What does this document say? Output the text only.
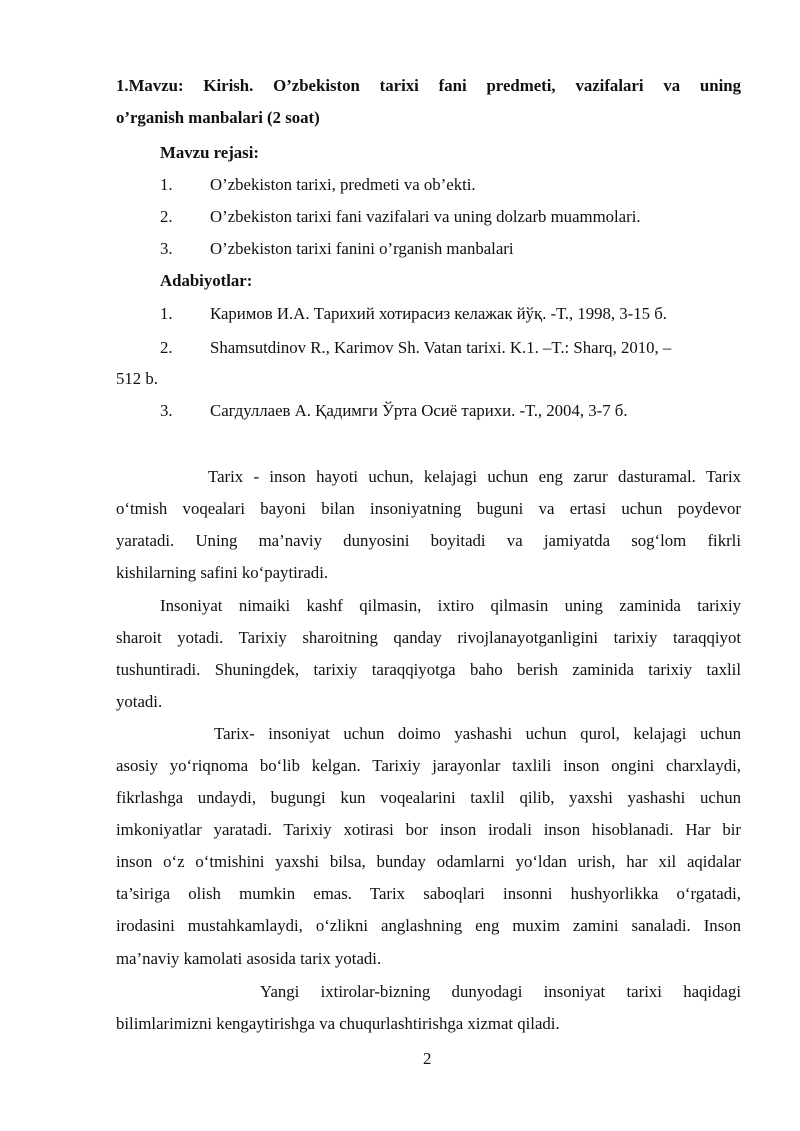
1.Mavzu: Kirish. O’zbekiston tarixi fani predmeti, vazifalari va uning
o’rganish manbalari (2 soat)
Mavzu rejasi:
1. O’zbekiston tarixi, predmeti va ob’ekti.
2. O’zbekiston tarixi fani vazifalari va uning dolzarb muammolari.
3. O’zbekiston tarixi fanini o’rganish manbalari
Adabiyotlar:
1. Каримов И.А. Тарихий хотирасиз келажак йўқ. -Т., 1998, 3-15 б.
2. Shamsutdinov R., Karimov Sh. Vatan tarixi. K.1. –T.: Sharq, 2010, –
512 b.
3. Сагдуллаев А. Қадимги Ўрта Осиё тарихи. -Т., 2004, 3-7 б.
Tarix - inson hayoti uchun, kelajagi uchun eng zarur dasturamal. Tarix
o‘tmish voqealari bayoni bilan insoniyatning buguni va ertasi uchun poydevor
yaratadi. Uning ma’naviy dunyosini boyitadi va jamiyatda sog‘lom fikrli
kishilarning safini ko‘paytiradi.
Insoniyat nimaiki kashf qilmasin, ixtiro qilmasin uning zaminida tarixiy
sharoit yotadi. Tarixiy sharoitning qanday rivojlanayotganligini tarixiy taraqqiyot
tushuntiradi. Shuningdek, tarixiy taraqqiyotga baho berish zaminida tarixiy taxlil
yotadi.
Tarix- insoniyat uchun doimo yashashi uchun qurol, kelajagi uchun
asosiy yo‘riqnoma bo‘lib kelgan. Tarixiy jarayonlar taxlili inson ongini charxlaydi,
fikrlashga undaydi, bugungi kun voqealarini taxlil qilib, yaxshi yashashi uchun
imkoniyatlar yaratadi. Tarixiy xotirasi bor inson irodali inson hisoblanadi. Har bir
inson o‘z o‘tmishini yaxshi bilsa, bunday odamlarni yo‘ldan urish, har xil aqidalar
ta’siriga olish mumkin emas. Tarix saboqlari insonni hushyorlikka o‘rgatadi,
irodasini mustahkamlaydi, o‘zlikni anglashning eng muxim zamini sanaladi. Inson
ma’naviy kamolati asosida tarix yotadi.
Yangi ixtirolar-bizning dunyodagi insoniyat tarixi haqidagi
bilimlarimizni kengaytirishga va chuqurlashtirishga xizmat qiladi.
2
